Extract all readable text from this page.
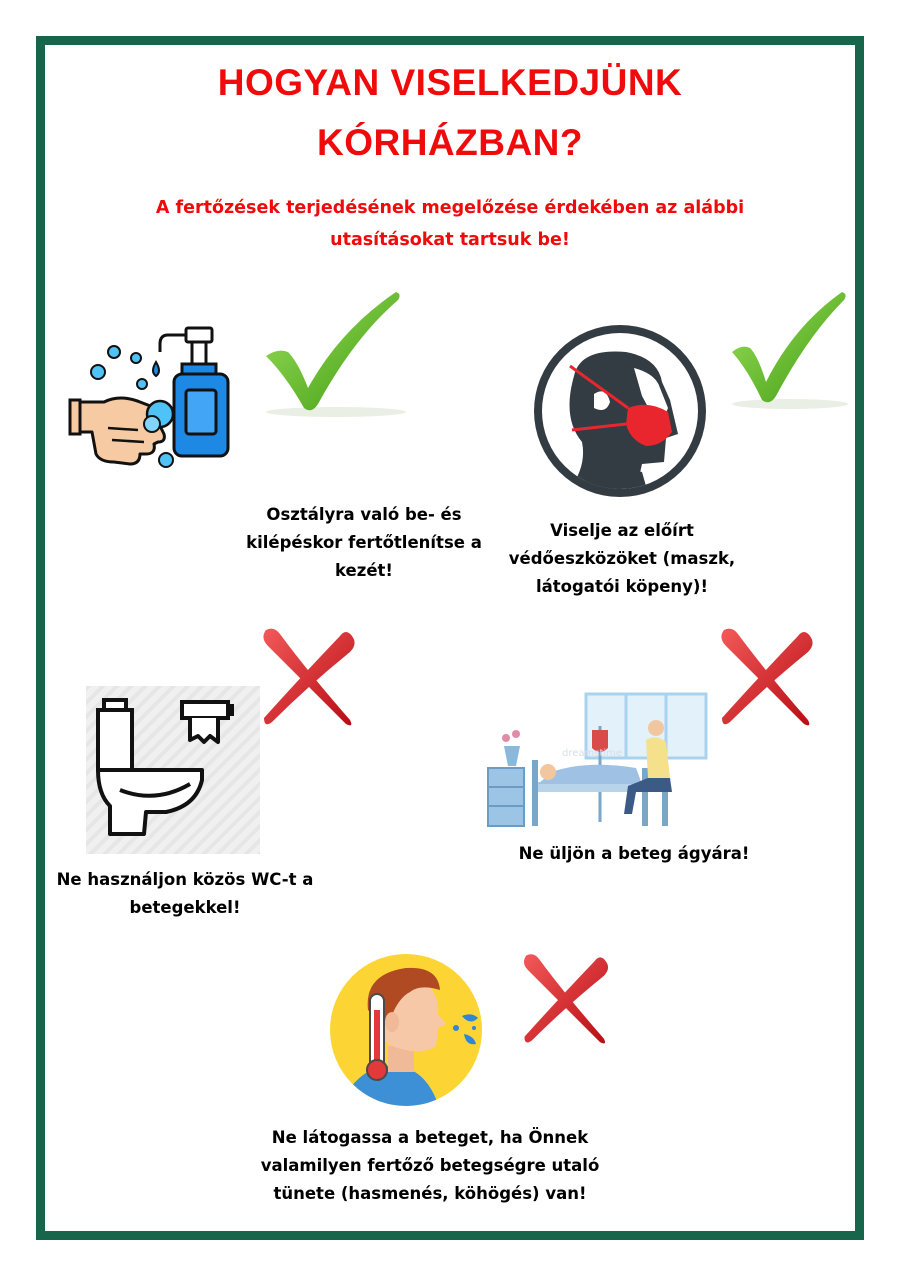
HOGYAN VISELKEDJÜNK
KÓRHÁZBAN?
A fertőzések terjedésének megelőzése érdekében az alábbi
utasításokat tartsuk be!
Osztályra való be- és
kilépéskor fertőtlenítse a
kezét!
Viselje az előírt
védőeszközöket (maszk,
látogatói köpeny)!
Ne használjon közös WC-t a
betegekkel!
dreamstime
Ne üljön a beteg ágyára!
Ne látogassa a beteget, ha Önnek
valamilyen fertőző betegségre utaló
tünete (hasmenés, köhögés) van!
